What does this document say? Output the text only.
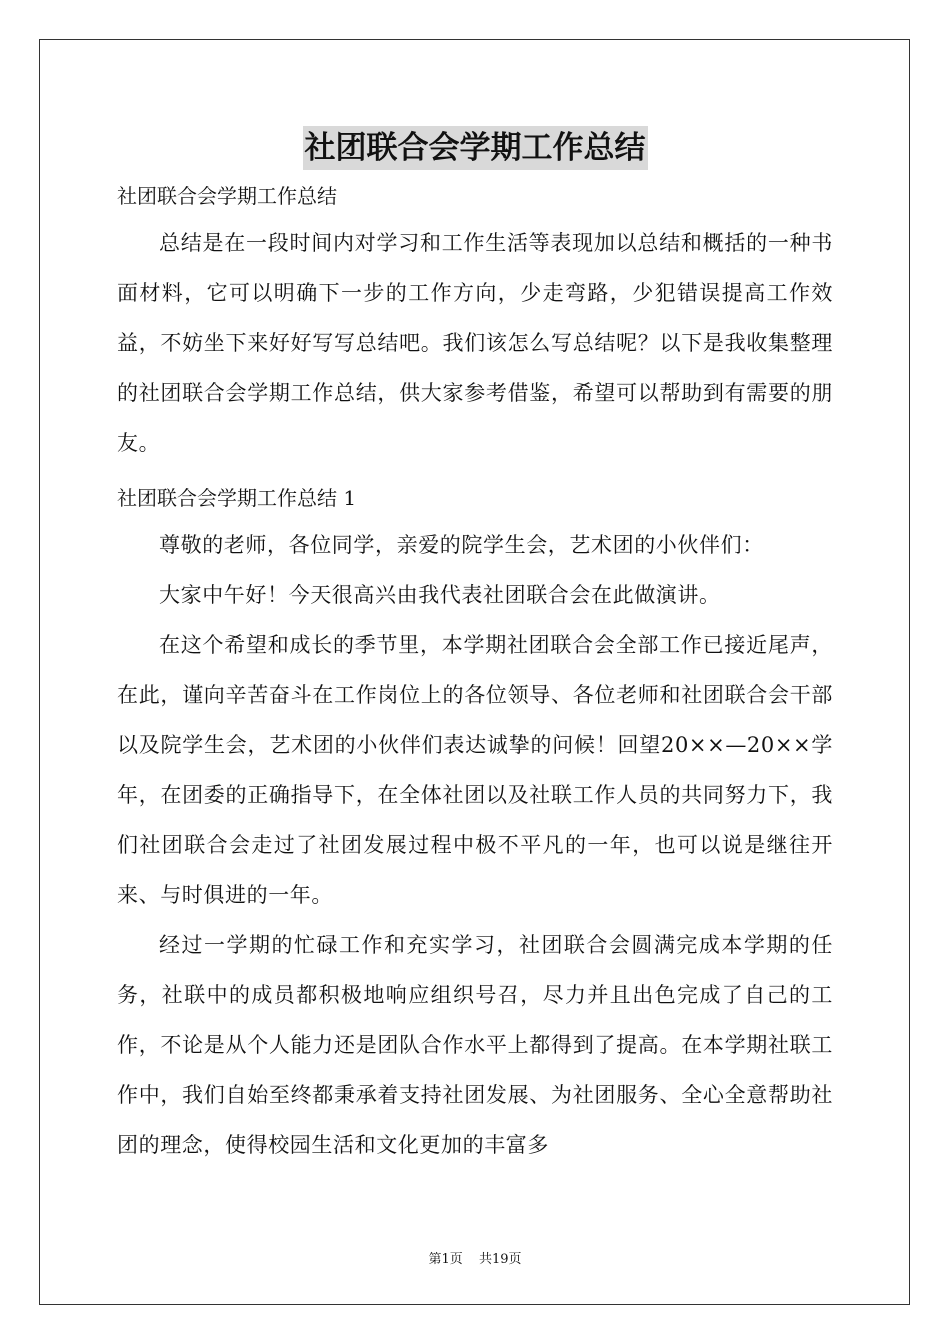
社团联合会学期工作总结

社团联合会学期工作总结

总结是在一段时间内对学习和工作生活等表现加以总结和概括的一种书面材料，它可以明确下一步的工作方向，少走弯路，少犯错误提高工作效益，不妨坐下来好好写写总结吧。我们该怎么写总结呢？以下是我收集整理的社团联合会学期工作总结，供大家参考借鉴，希望可以帮助到有需要的朋友。

社团联合会学期工作总结 1

尊敬的老师，各位同学，亲爱的院学生会，艺术团的小伙伴们：

大家中午好！今天很高兴由我代表社团联合会在此做演讲。

在这个希望和成长的季节里，本学期社团联合会全部工作已接近尾声，在此，谨向辛苦奋斗在工作岗位上的各位领导、各位老师和社团联合会干部以及院学生会，艺术团的小伙伴们表达诚挚的问候！回望20××—20××学年，在团委的正确指导下，在全体社团以及社联工作人员的共同努力下，我们社团联合会走过了社团发展过程中极不平凡的一年，也可以说是继往开来、与时俱进的一年。

经过一学期的忙碌工作和充实学习，社团联合会圆满完成本学期的任务，社联中的成员都积极地响应组织号召，尽力并且出色完成了自己的工作，不论是从个人能力还是团队合作水平上都得到了提高。在本学期社联工作中，我们自始至终都秉承着支持社团发展、为社团服务、全心全意帮助社团的理念，使得校园生活和文化更加的丰富多

第1页 共19页
